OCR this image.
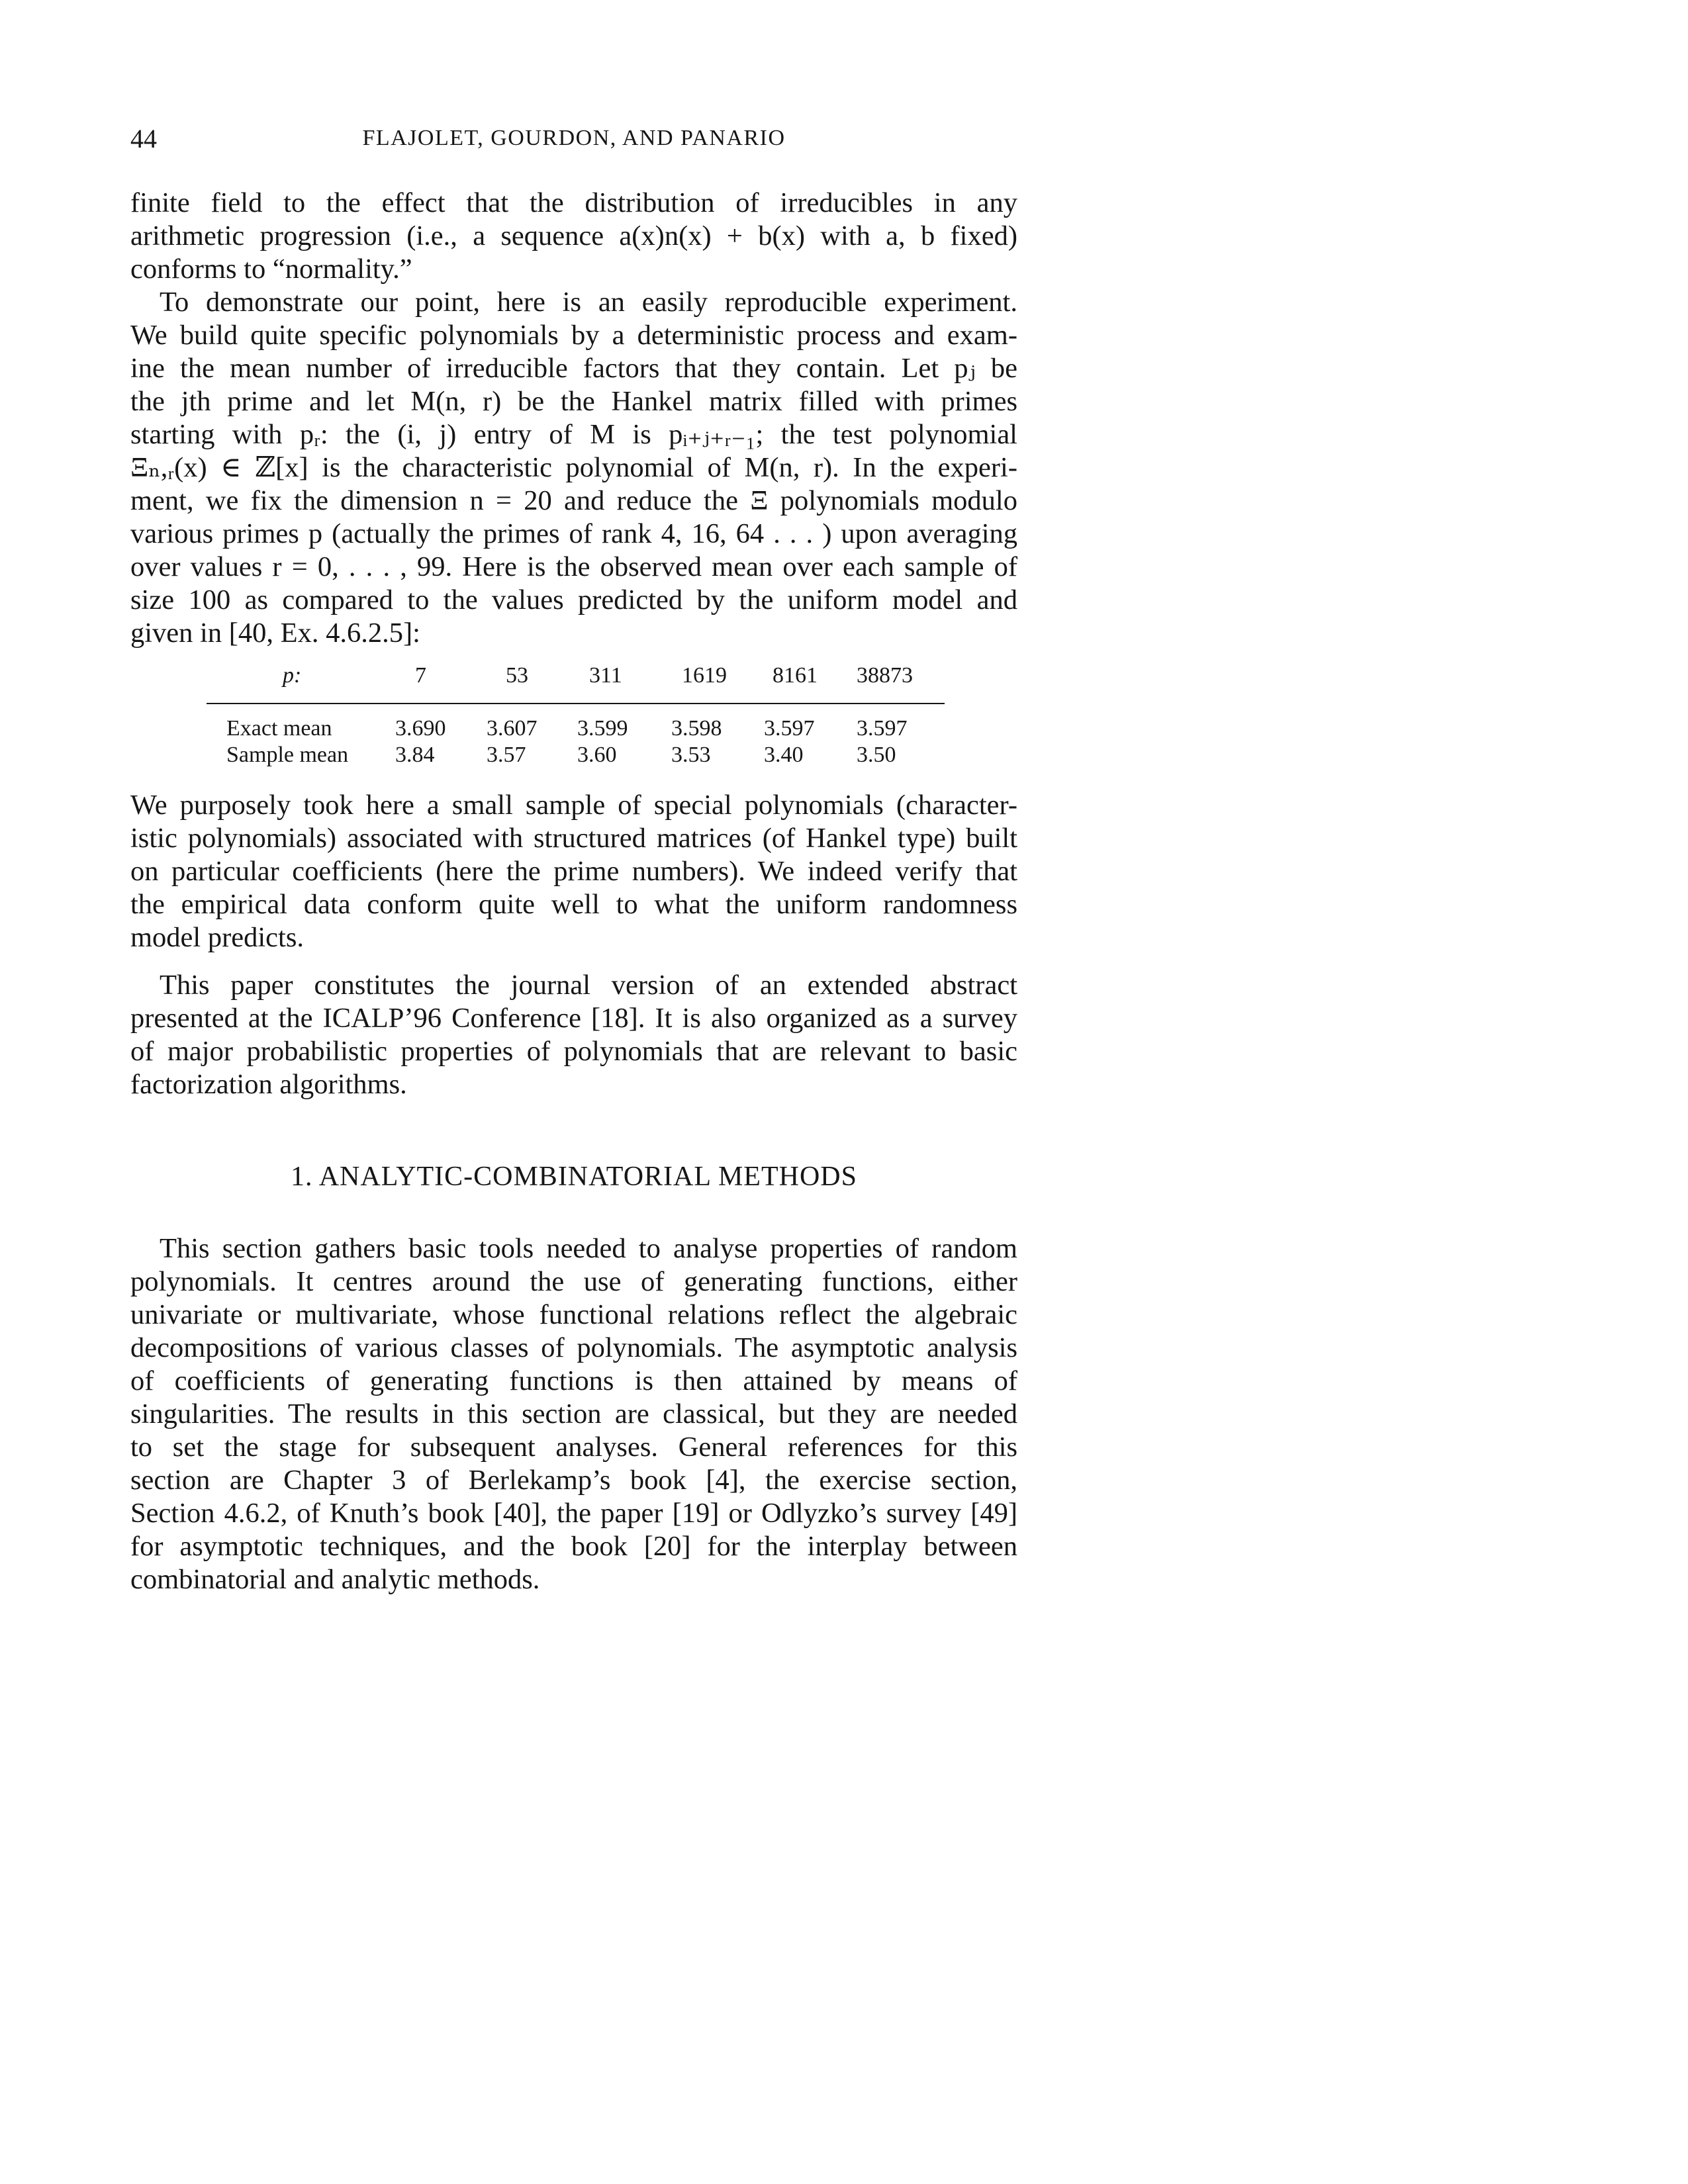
44	FLAJOLET, GOURDON, AND PANARIO

finite field to the effect that the distribution of irreducibles in any
arithmetic progression (i.e., a sequence a(x)n(x) + b(x) with a, b fixed)
conforms to “normality.”

To demonstrate our point, here is an easily reproducible experiment.
We build quite specific polynomials by a deterministic process and exam-
ine the mean number of irreducible factors that they contain. Let pⱼ be
the jth prime and let M(n, r) be the Hankel matrix filled with primes
starting with pᵣ: the (i, j) entry of M is pᵢ₊ⱼ₊ᵣ₋₁; the test polynomial
Ξₙ,ᵣ(x) ∈ ℤ[x] is the characteristic polynomial of M(n, r). In the experi-
ment, we fix the dimension n = 20 and reduce the Ξ polynomials modulo
various primes p (actually the primes of rank 4, 16, 64 . . . ) upon averaging
over values r = 0, . . . , 99. Here is the observed mean over each sample of
size 100 as compared to the values predicted by the uniform model and
given in [40, Ex. 4.6.2.5]:

p:	7	53	311	1619 8161 38873
Exact mean	3.690 3.607 3.599 3.598 3.597 3.597
Sample mean 3.84 3.57 3.60 3.53 3.40 3.50

We purposely took here a small sample of special polynomials (character-
istic polynomials) associated with structured matrices (of Hankel type) built
on particular coefficients (here the prime numbers). We indeed verify that
the empirical data conform quite well to what the uniform randomness
model predicts.

This paper constitutes the journal version of an extended abstract
presented at the ICALP’96 Conference [18]. It is also organized as a survey
of major probabilistic properties of polynomials that are relevant to basic
factorization algorithms.

1. ANALYTIC-COMBINATORIAL METHODS

This section gathers basic tools needed to analyse properties of random
polynomials. It centres around the use of generating functions, either
univariate or multivariate, whose functional relations reflect the algebraic
decompositions of various classes of polynomials. The asymptotic analysis
of coefficients of generating functions is then attained by means of
singularities. The results in this section are classical, but they are needed
to set the stage for subsequent analyses. General references for this
section are Chapter 3 of Berlekamp’s book [4], the exercise section,
Section 4.6.2, of Knuth’s book [40], the paper [19] or Odlyzko’s survey [49]
for asymptotic techniques, and the book [20] for the interplay between
combinatorial and analytic methods.
